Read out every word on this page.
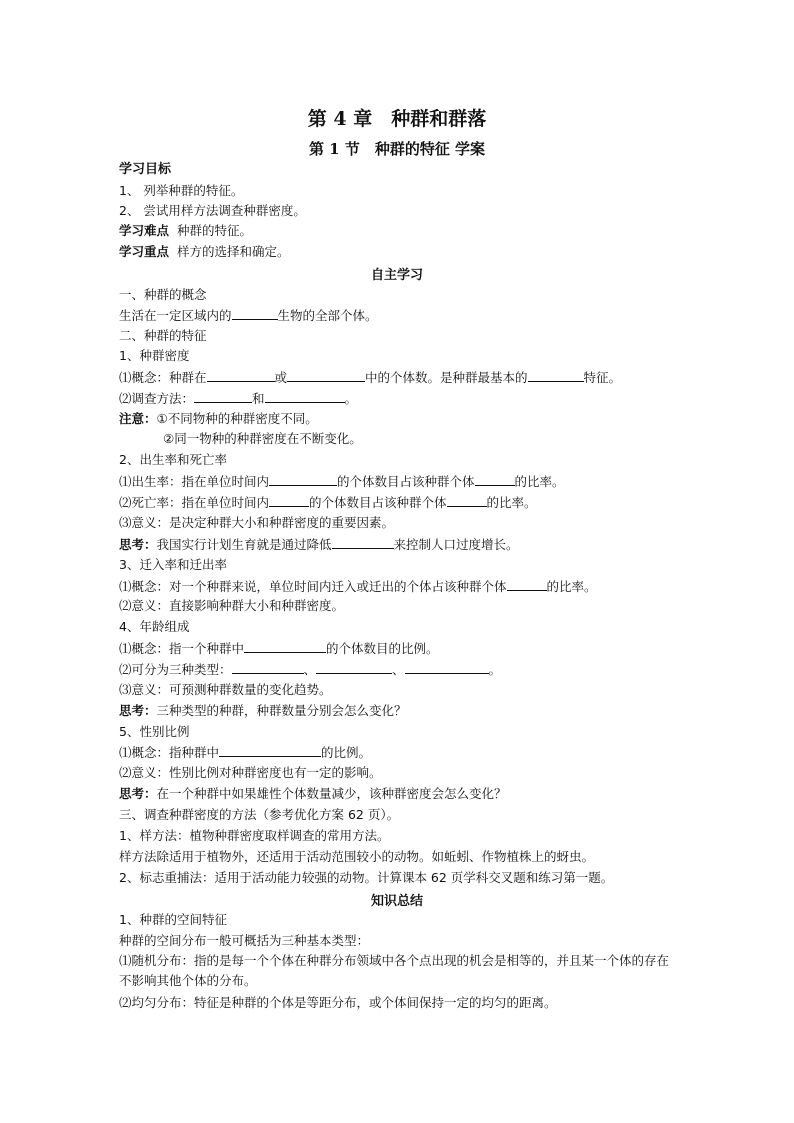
第 4 章　种群和群落
第 1 节　种群的特征 学案
学习目标
1、 列举种群的特征。
2、 尝试用样方法调查种群密度。
学习难点 种群的特征。
学习重点 样方的选择和确定。
自主学习
一、种群的概念
生活在一定区域内的	生物的全部个体。
二、种群的特征
1、种群密度
⑴概念：种群在	或	中的个体数。是种群最基本的	特征。
⑵调查方法：	和	。
注意：①不同物种的种群密度不同。
②同一物种的种群密度在不断变化。
2、出生率和死亡率
⑴出生率：指在单位时间内	的个体数目占该种群个体	的比率。
⑵死亡率：指在单位时间内	的个体数目占该种群个体	的比率。
⑶意义：是决定种群大小和种群密度的重要因素。
思考：我国实行计划生育就是通过降低	来控制人口过度增长。
3、迁入率和迁出率
⑴概念：对一个种群来说，单位时间内迁入或迁出的个体占该种群个体	的比率。
⑵意义：直接影响种群大小和种群密度。
4、年龄组成
⑴概念：指一个种群中	的个体数目的比例。
⑵可分为三种类型：	、	、	。
⑶意义：可预测种群数量的变化趋势。
思考：三种类型的种群，种群数量分别会怎么变化？
5、性别比例
⑴概念：指种群中	的比例。
⑵意义：性别比例对种群密度也有一定的影响。
思考：在一个种群中如果雄性个体数量减少，该种群密度会怎么变化？
三、调查种群密度的方法（参考优化方案 62 页）。
1、样方法：植物种群密度取样调查的常用方法。
样方法除适用于植物外，还适用于活动范围较小的动物。如蚯蚓、作物植株上的蚜虫。
2、标志重捕法：适用于活动能力较强的动物。计算课本 62 页学科交叉题和练习第一题。
知识总结
1、种群的空间特征
种群的空间分布一般可概括为三种基本类型：
⑴随机分布：指的是每一个个体在种群分布领域中各个点出现的机会是相等的，并且某一个体的存在不影响其他个体的分布。
⑵均匀分布：特征是种群的个体是等距分布，或个体间保持一定的均匀的距离。
